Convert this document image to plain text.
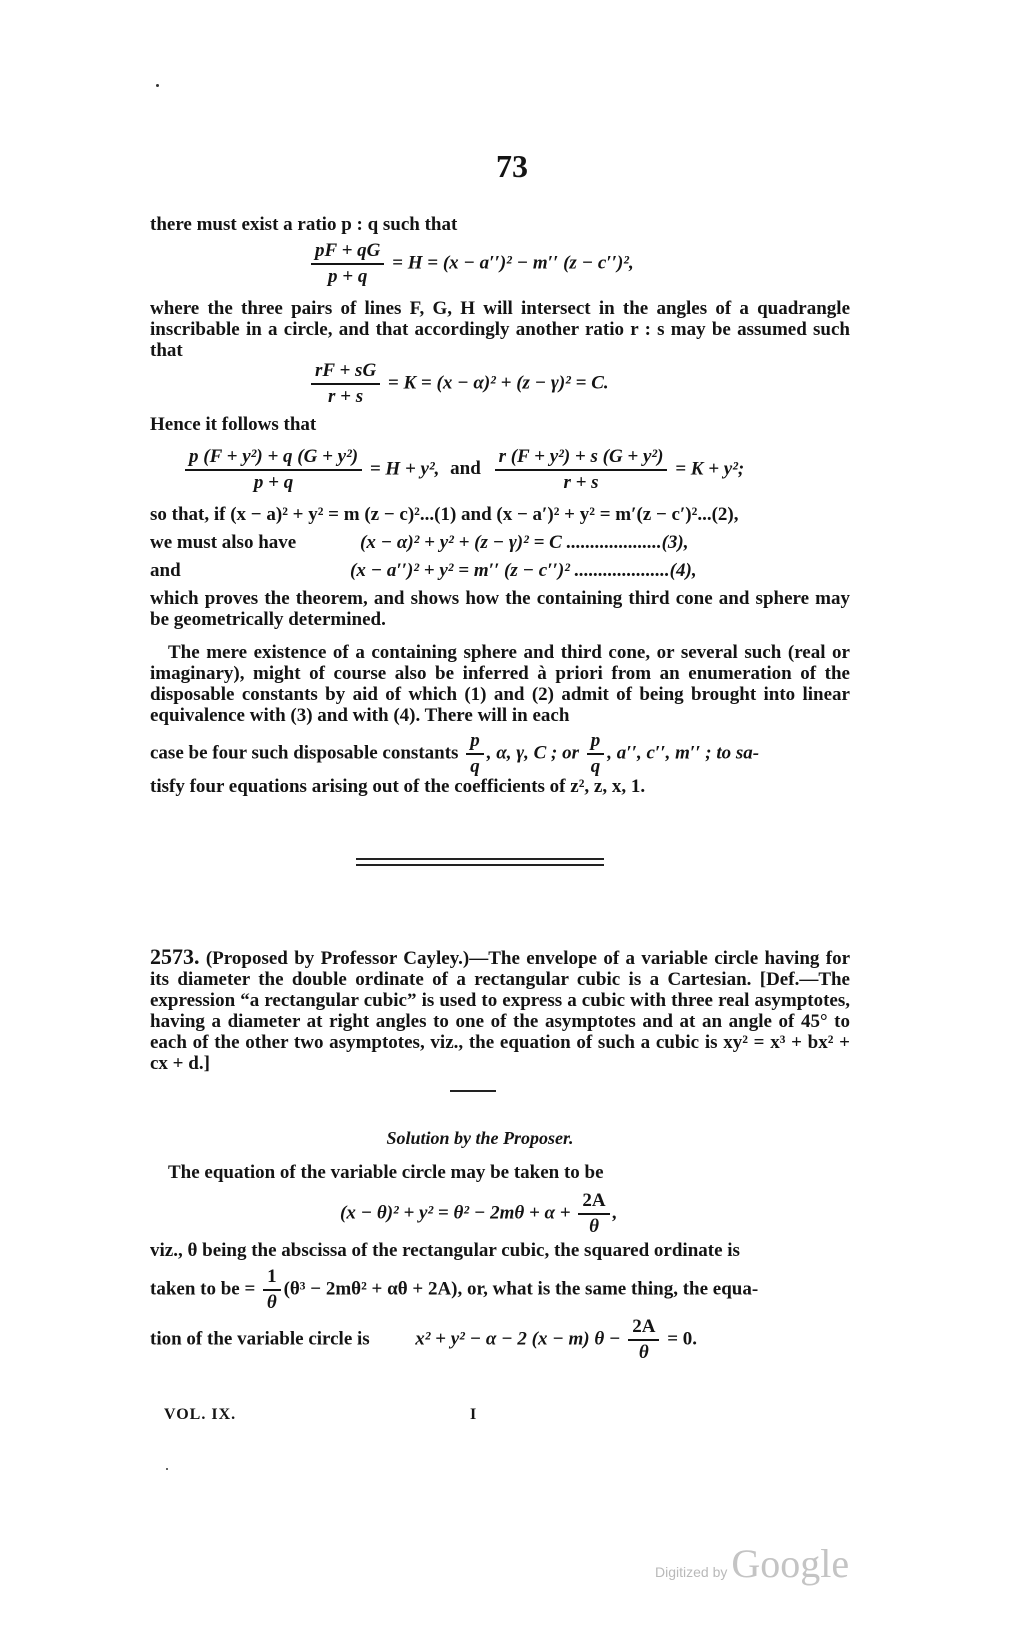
73
there must exist a ratio p : q such that
$\frac{pF + qG}{p + q} = H = (x - a'')^2 - m''$ (z − c′′)²,
where the three pairs of lines F, G, H will intersect in the angles of a quadrangle inscribable in a circle, and that accordingly another ratio r : s may be assumed such that
$\frac{rF + sG}{r + s} = K = (x - \alpha)^2 + (z - \gamma)^2 = C$.
Hence it follows that
$\frac{\text{p (F + y²) + q (G + y²)}}{p + q} = H + y^2$, and $\frac{\text{r (F + y²) + s (G + y²)}}{r + s} = K + y^2$;
so that, if (x − a)² + y² = m (z − c)²...(1) and (x − a′)² + y² = m′(z − c′)²...(2),
we must also have	(x − α)² + y² + (z − γ)² = C ....................(3),
and	(x − a′′)² + y² = m′′ (z − c′′)² ....................(4),
which proves the theorem, and shows how the containing third cone and sphere may be geometrically determined.
The mere existence of a containing sphere and third cone, or several such (real or imaginary), might of course also be inferred à priori from an enumeration of the disposable constants by aid of which (1) and (2) admit of being brought into linear equivalence with (3) and with (4). There will in each
case be four such disposable constants $\frac{p}{q}$ , α, γ, C ; or $\frac{p}{q}$ , a′′, c′′, m′′ ; to sa-
tisfy four equations arising out of the coefficients of z², z, x, 1.
2573. (Proposed by Professor Cayley.)—The envelope of a variable circle having for its diameter the double ordinate of a rectangular cubic is a Cartesian. [Def.—The expression “a rectangular cubic” is used to express a cubic with three real asymptotes, having a diameter at right angles to one of the asymptotes and at an angle of 45° to each of the other two asymptotes, viz., the equation of such a cubic is xy² = x³ + bx² + cx + d.]
Solution by the Proposer.
The equation of the variable circle may be taken to be
$(x - \theta)^2 + y^2 = \theta^2 - 2m\theta + \alpha + \frac{2A}{\theta}$ ,
viz., θ being the abscissa of the rectangular cubic, the squared ordinate is
taken to be = $\frac{1}{\theta} (\theta^3 - 2m\theta^2 + \alpha\theta + 2A)$, or, what is the same thing, the equa-
tion of the variable circle is x² + y² − α − 2 (x − m) $\theta - \frac{2A}{\theta} = 0$.
VOL. IX.	I
Digitized by Google
